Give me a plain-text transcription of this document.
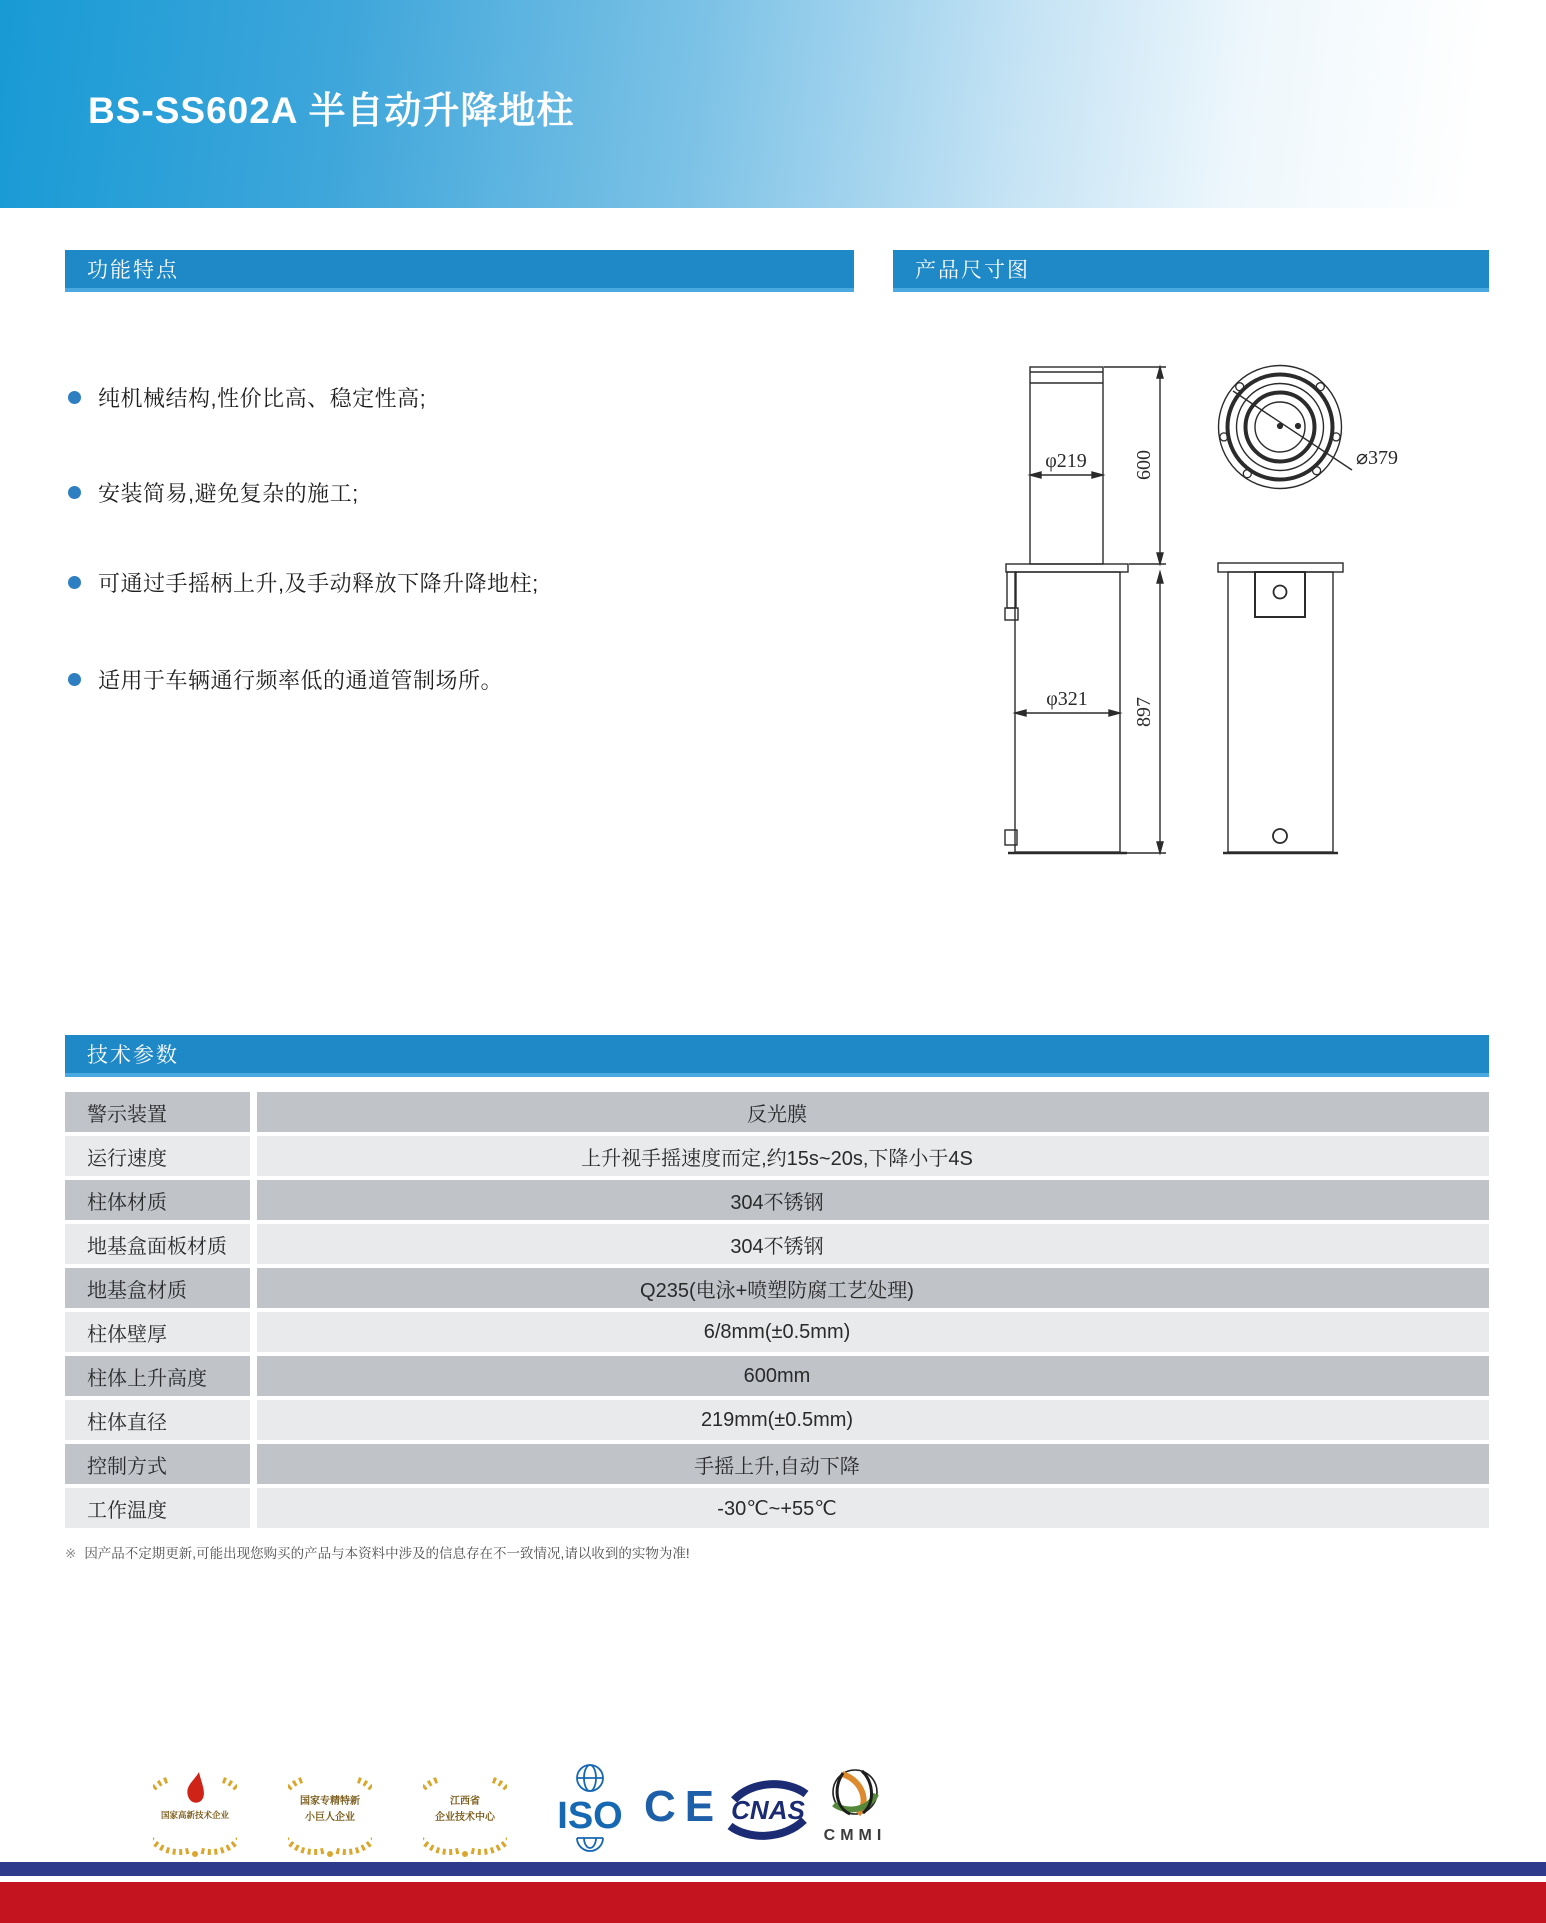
BS-SS602A 半自动升降地柱
功能特点	产品尺寸图
纯机械结构,性价比高、稳定性高;
安装简易,避免复杂的施工;
可通过手摇柄上升,及手动释放下降升降地柱;
适用于车辆通行频率低的通道管制场所。
φ219 600
φ321 897
⌀379
技术参数
警示装置	反光膜
运行速度	上升视手摇速度而定,约15s~20s,下降小于4S
柱体材质	304不锈钢
地基盒面板材质	304不锈钢
地基盒材质	Q235(电泳+喷塑防腐工艺处理)
柱体壁厚	6/8mm(±0.5mm)
柱体上升高度	600mm
柱体直径	219mm(±0.5mm)
控制方式	手摇上升,自动下降
工作温度	-30℃~+55℃

※ 因产品不定期更新,可能出现您购买的产品与本资料中涉及的信息存在不一致情况,请以收到的实物为准!

国家高新技术企业
国家专精特新
小巨人企业
江西省
企业技术中心 ISO CE CNAS
CMMI
